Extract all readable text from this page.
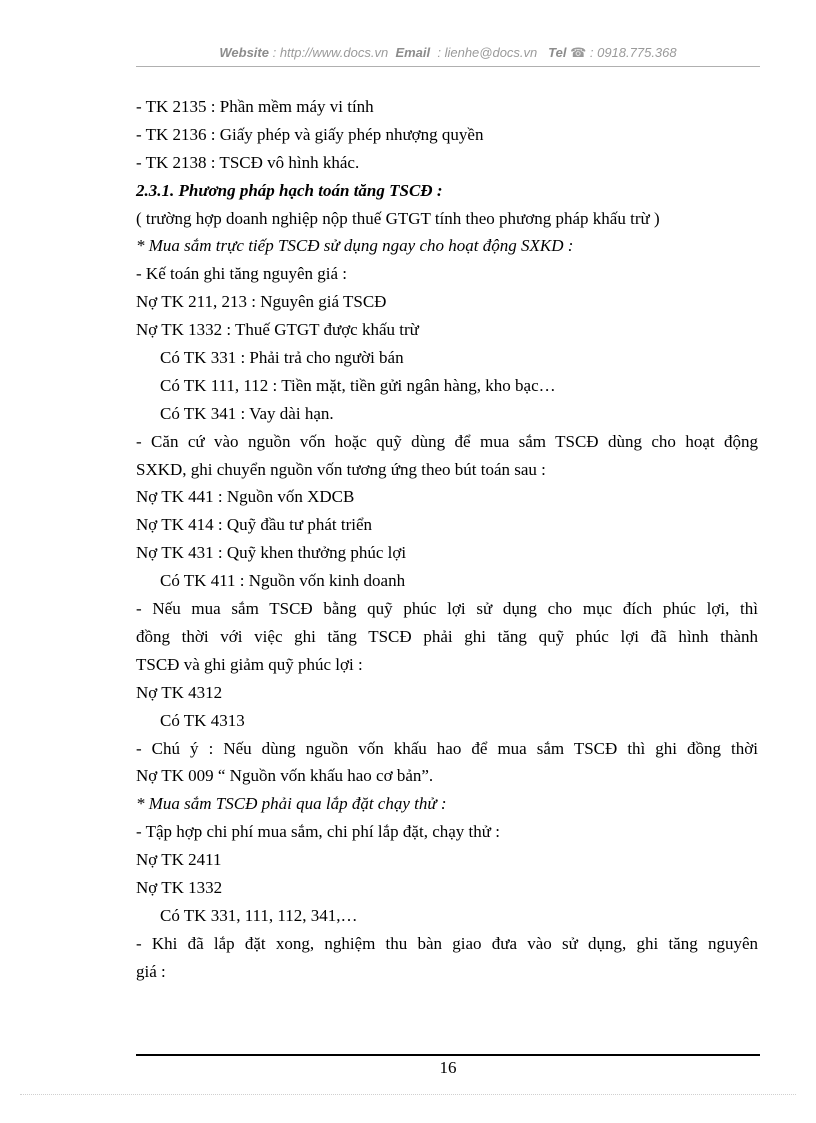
Website : http://www.docs.vn Email : lienhe@docs.vn Tel ☎ : 0918.775.368
- TK 2135 : Phần mềm máy vi tính
- TK 2136 : Giấy phép và giấy phép nhượng quyền
- TK 2138 : TSCĐ vô hình khác.
2.3.1. Phương pháp hạch toán tăng TSCĐ :
( trường hợp doanh nghiệp nộp thuế GTGT tính theo phương pháp khấu trừ )
* Mua sắm trực tiếp TSCĐ sử dụng ngay cho hoạt động SXKD :
- Kế toán ghi tăng nguyên giá :
Nợ TK 211, 213 : Nguyên giá TSCĐ
Nợ TK 1332 : Thuế GTGT được khấu trừ
Có TK 331 : Phải trả cho người bán
Có TK 111, 112 : Tiền mặt, tiền gửi ngân hàng, kho bạc…
Có TK 341 : Vay dài hạn.
- Căn cứ vào nguồn vốn hoặc quỹ dùng để mua sắm TSCĐ dùng cho hoạt động
SXKD, ghi chuyển nguồn vốn tương ứng theo bút toán sau :
Nợ TK 441 : Nguồn vốn XDCB
Nợ TK 414 : Quỹ đầu tư phát triển
Nợ TK 431 : Quỹ khen thưởng phúc lợi
Có TK 411 : Nguồn vốn kinh doanh
- Nếu mua sắm TSCĐ bằng quỹ phúc lợi sử dụng cho mục đích phúc lợi, thì
đồng thời với việc ghi tăng TSCĐ phải ghi tăng quỹ phúc lợi đã hình thành
TSCĐ và ghi giảm quỹ phúc lợi :
Nợ TK 4312
Có TK 4313
- Chú ý : Nếu dùng nguồn vốn khấu hao để mua sắm TSCĐ thì ghi đồng thời
Nợ TK 009 “ Nguồn vốn khấu hao cơ bản”.
* Mua sắm TSCĐ phải qua lắp đặt chạy thử :
- Tập hợp chi phí mua sắm, chi phí lắp đặt, chạy thử :
Nợ TK 2411
Nợ TK 1332
Có TK 331, 111, 112, 341,…
- Khi đã lắp đặt xong, nghiệm thu bàn giao đưa vào sử dụng, ghi tăng nguyên
giá :
16
